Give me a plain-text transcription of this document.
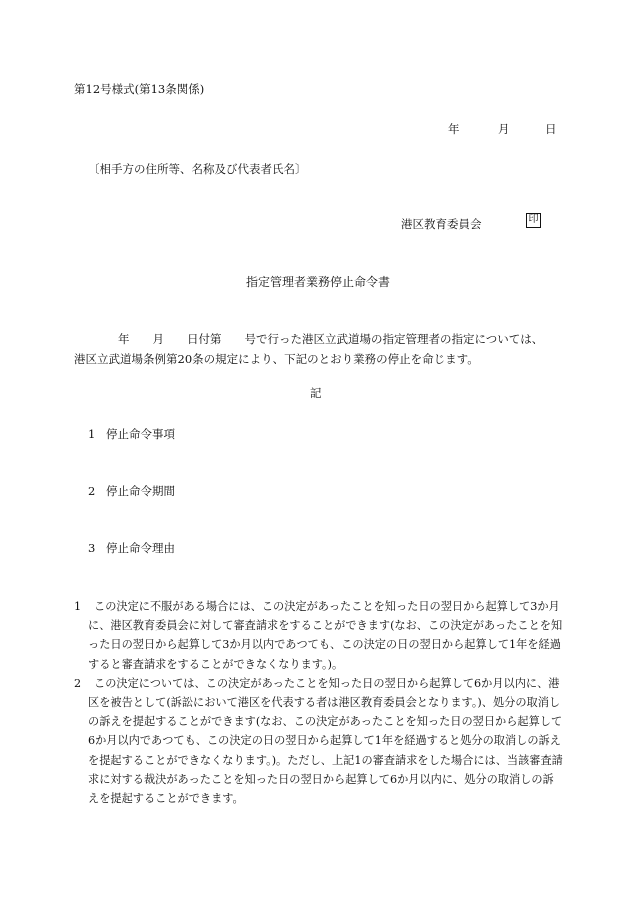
第12号様式(第13条関係)
年	月	日
〔相手方の住所等、名称及び代表者氏名〕
港区教育委員会	印
指定管理者業務停止命令書

年　　月　　日付第　　号で行った港区立武道場の指定管理者の指定については、

港区立武道場条例第20条の規定により、下記のとおり業務の停止を命じます。

記
1 停止命令事項
2 停止命令期間
3 停止命令理由

1	この決定に不服がある場合には、この決定があったことを知った日の翌日から起算して3か月に、港区教育委員会に対して審査請求をすることができます(なお、この決定があったことを知った日の翌日から起算して3か月以内であつても、この決定の日の翌日から起算して1年を経過すると審査請求をすることができなくなります。)。

2	この決定については、この決定があったことを知った日の翌日から起算して6か月以内に、港区を被告として(訴訟において港区を代表する者は港区教育委員会となります。)、処分の取消しの訴えを提起することができます(なお、この決定があったことを知った日の翌日から起算して6か月以内であつても、この決定の日の翌日から起算して1年を経過すると処分の取消しの訴えを提起することができなくなります。)。ただし、上記1の審査請求をした場合には、当該審査請求に対する裁決があったことを知った日の翌日から起算して6か月以内に、処分の取消しの訴えを提起することができます。
